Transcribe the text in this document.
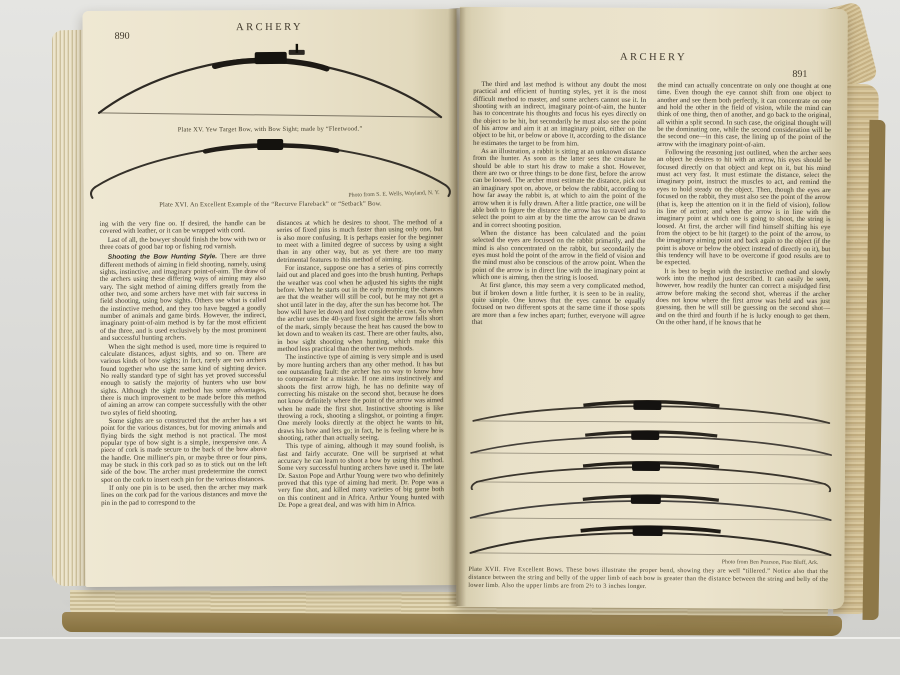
ARCHERY
890
Plate XV. Yew Target Bow, with Bow Sight; made by “Fleetwood.”
Photo from S. E. Wells, Wayland, N. Y.
Plate XVI. An Excellent Example of the “Recurve Flareback” or “Setback” Bow.

ing with the very fine oo. If desired, the handle can be covered with leather, or it can be wrapped with cord.

Last of all, the bowyer should finish the bow with two or three coats of good bar top or fishing rod varnish.

Shooting the Bow Hunting Style. There are three different methods of aiming in field shooting, namely, using sights, instinctive, and imaginary point-of-aim. The draw of the archers using these differing ways of aiming may also vary. The sight method of aiming differs greatly from the other two, and some archers have met with fair success in field shooting, using bow sights. Others use what is called the instinctive method, and they too have bagged a goodly number of animals and game birds. However, the indirect, imaginary point-of-aim method is by far the most efficient of the three, and is used exclusively by the most prominent and successful hunting archers.

When the sight method is used, more time is required to calculate distances, adjust sights, and so on. There are various kinds of bow sights; in fact, rarely are two archers found together who use the same kind of sighting device. No really standard type of sight has yet proved successful enough to satisfy the majority of hunters who use bow sights. Although the sight method has some advantages, there is much improvement to be made before this method of aiming an arrow can compete successfully with the other two styles of field shooting.

Some sights are so constructed that the archer has a set point for the various distances, but for moving animals and flying birds the sight method is not practical. The most popular type of bow sight is a simple, inexpensive one. A piece of cork is made secure to the back of the bow above the handle. One milliner's pin, or maybe three or four pins, may be stuck in this cork pad so as to stick out on the left side of the bow. The archer must predetermine the correct spot on the cork to insert each pin for the various distances.

If only one pin is to be used, then the archer may mark lines on the cork pad for the various distances and move the pin in the pad to correspond to the

distances at which he desires to shoot. The method of a series of fixed pins is much faster than using only one, but is also more confusing. It is perhaps easier for the beginner to meet with a limited degree of success by using a sight than in any other way, but as yet there are too many detrimental features to this method of aiming.

For instance, suppose one has a series of pins correctly laid out and placed and goes into the brush hunting. Perhaps the weather was cool when he adjusted his sights the night before. When he starts out in the early morning the chances are that the weather will still be cool, but he may not get a shot until later in the day, after the sun has become hot. The bow will have let down and lost considerable cast. So when the archer uses the 40-yard fixed sight the arrow falls short of the mark, simply because the heat has caused the bow to let down and to weaken its cast. There are other faults, also, in bow sight shooting when hunting, which make this method less practical than the other two methods.

The instinctive type of aiming is very simple and is used by more hunting archers than any other method. It has but one outstanding fault: the archer has no way to know how to compensate for a mistake. If one aims instinctively and shoots the first arrow high, he has no definite way of correcting his mistake on the second shot, because he does not know definitely where the point of the arrow was aimed when he made the first shot. Instinctive shooting is like throwing a rock, shooting a slingshot, or pointing a finger. One merely looks directly at the object he wants to hit, draws his bow and lets go; in fact, he is feeling where he is shooting, rather than actually seeing.

This type of aiming, although it may sound foolish, is fast and fairly accurate. One will be surprised at what accuracy he can learn to shoot a bow by using this method. Some very successful hunting archers have used it. The late Dr. Saxton Pope and Arthur Young were two who definitely proved that this type of aiming had merit. Dr. Pope was a very fine shot, and killed many varieties of big game both on this continent and in Africa. Arthur Young hunted with Dr. Pope a great deal, and was with him in Africa.

ARCHERY
891

The third and last method is without any doubt the most practical and efficient of hunting styles, yet it is the most difficult method to master, and some archers cannot use it. In shooting with an indirect, imaginary point-of-aim, the hunter has to concentrate his thoughts and focus his eyes directly on the object to be hit, but secondarily he must also see the point of his arrow and aim it at an imaginary point, either on the object to be hit, or below or above it, according to the distance he estimates the target to be from him.

As an illustration, a rabbit is sitting at an unknown distance from the hunter. As soon as the latter sees the creature he should be able to start his draw to make a shot. However, there are two or three things to be done first, before the arrow can be loosed. The archer must estimate the distance, pick out an imaginary spot on, above, or below the rabbit, according to how far away the rabbit is, at which to aim the point of the arrow when it is fully drawn. After a little practice, one will be able both to figure the distance the arrow has to travel and to select the point to aim at by the time the arrow can be drawn and in correct shooting position.

When the distance has been calculated and the point selected the eyes are focused on the rabbit primarily, and the mind is also concentrated on the rabbit, but secondarily the eyes must hold the point of the arrow in the field of vision and the mind must also be conscious of the arrow point. When the point of the arrow is in direct line with the imaginary point at which one is aiming, then the string is loosed.

At first glance, this may seem a very complicated method, but if broken down a little further, it is seen to be in reality, quite simple. One knows that the eyes cannot be equally focused on two different spots at the same time if those spots are more than a few inches apart; further, everyone will agree that

the mind can actually concentrate on only one thought at one time. Even though the eye cannot shift from one object to another and see them both perfectly, it can concentrate on one and hold the other in the field of vision, while the mind can think of one thing, then of another, and go back to the original, all within a split second. In such case, the original thought will be the dominating one, while the second consideration will be the second one—in this case, the lining up of the point of the arrow with the imaginary point-of-aim.

Following the reasoning just outlined, when the archer sees an object he desires to hit with an arrow, his eyes should be focused directly on that object and kept on it, but his mind must act very fast. It must estimate the distance, select the imaginary point, instruct the muscles to act, and remind the eyes to hold steady on the object. Then, though the eyes are focused on the rabbit, they must also see the point of the arrow (that is, keep the attention on it in the field of vision), follow its line of action; and when the arrow is in line with the imaginary point at which one is going to shoot, the string is loosed. At first, the archer will find himself shifting his eye from the object to be hit (target) to the point of the arrow, to the imaginary aiming point and back again to the object (if the point is above or below the object instead of directly on it), but this tendency will have to be overcome if good results are to be expected.

It is best to begin with the instinctive method and slowly work into the method just described. It can easily be seen, however, how readily the hunter can correct a misjudged first arrow before making the second shot, whereas if the archer does not know where the first arrow was held and was just guessing, then he will still be guessing on the second shot—and on the third and fourth if he is lucky enough to get them. On the other hand, if he knows that he

Photo from Ben Pearson, Pine Bluff, Ark.
Plate XVII. Five Excellent Bows. These bows illustrate the proper bend, showing they are well “tillered.” Notice also that the distance between the string and belly of the upper limb of each bow is greater than the distance between the string and belly of the lower limb. Also the upper limbs are from 2½ to 3 inches longer.
